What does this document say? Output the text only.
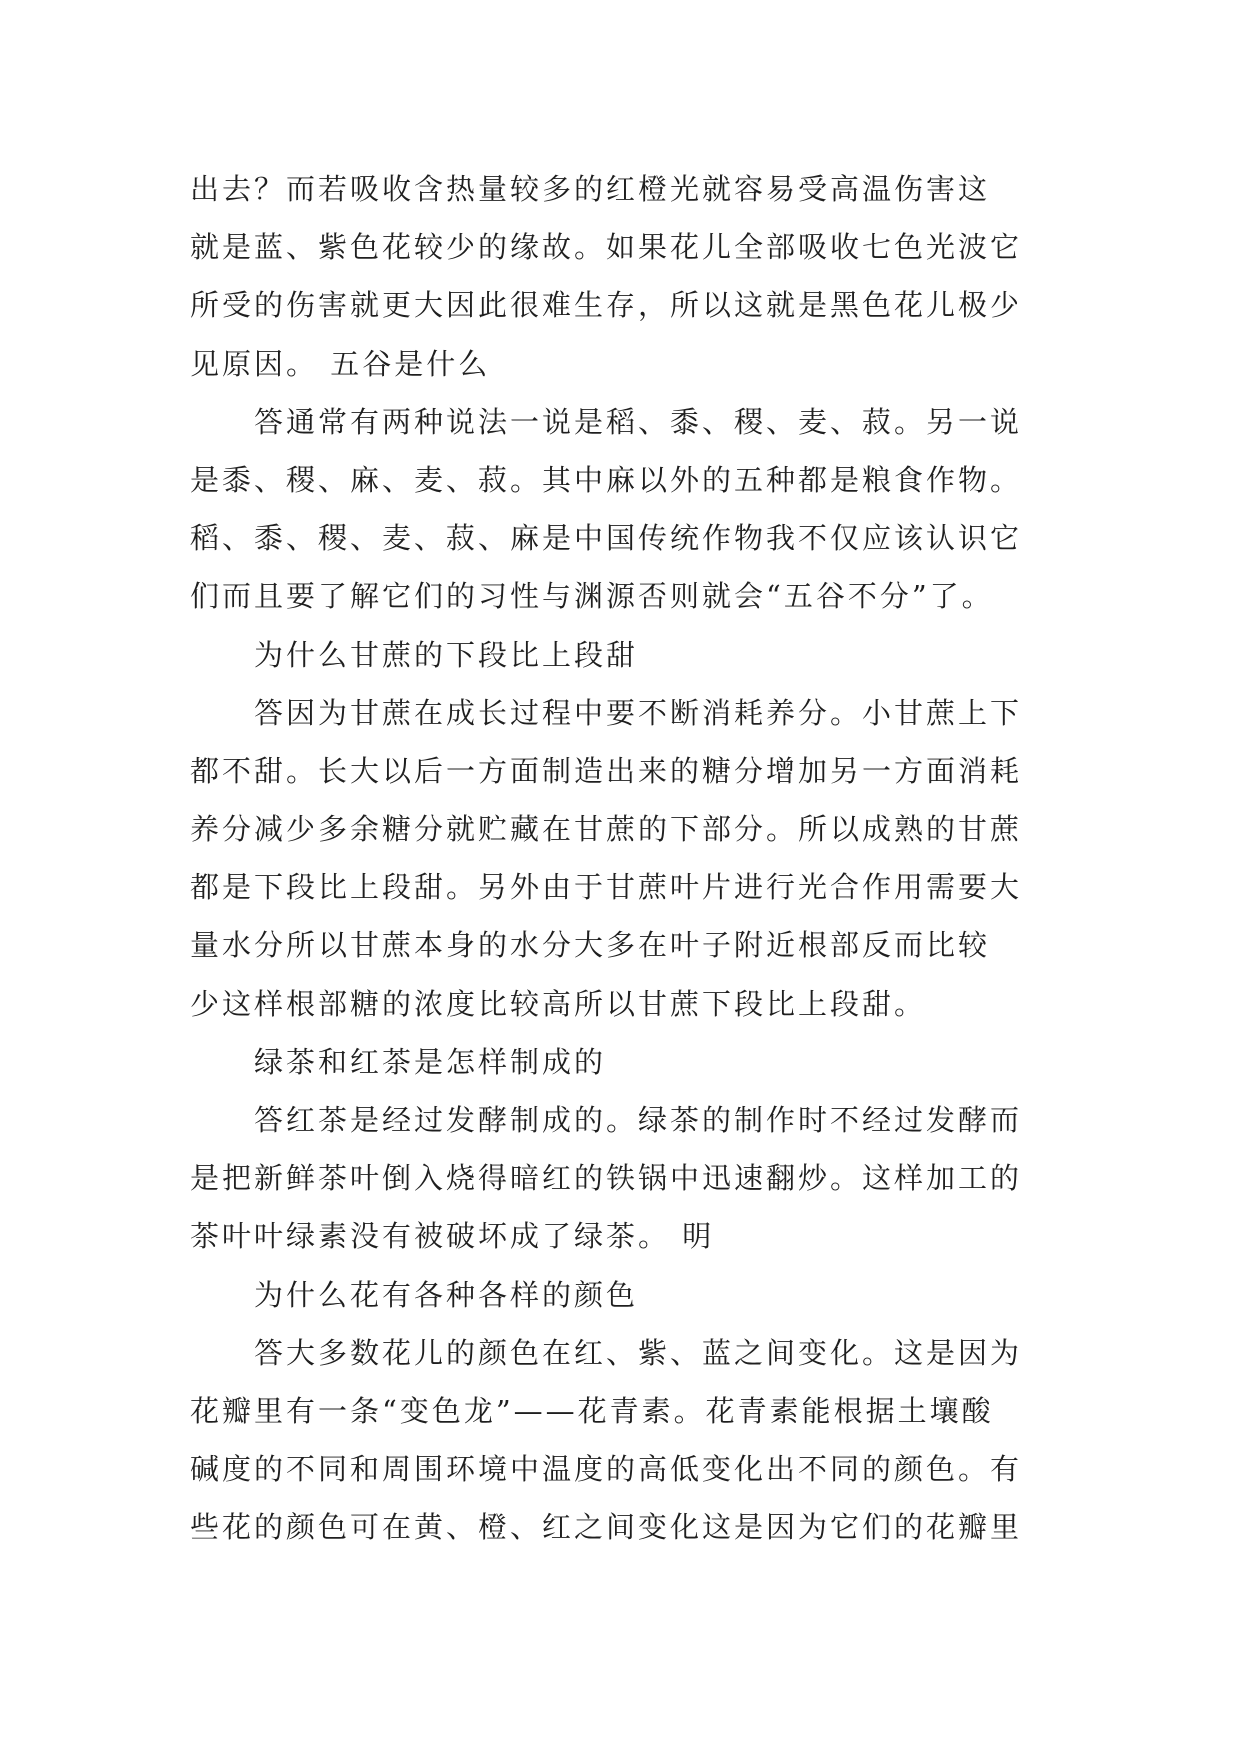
出去？而若吸收含热量较多的红橙光就容易受高温伤害这
就是蓝、紫色花较少的缘故。如果花儿全部吸收七色光波它
所受的伤害就更大因此很难生存，所以这就是黑色花儿极少
见原因。 五谷是什么
答通常有两种说法一说是稻、黍、稷、麦、菽。另一说
是黍、稷、麻、麦、菽。其中麻以外的五种都是粮食作物。
稻、黍、稷、麦、菽、麻是中国传统作物我不仅应该认识它
们而且要了解它们的习性与渊源否则就会“五谷不分”了。
为什么甘蔗的下段比上段甜
答因为甘蔗在成长过程中要不断消耗养分。小甘蔗上下
都不甜。长大以后一方面制造出来的糖分增加另一方面消耗
养分减少多余糖分就贮藏在甘蔗的下部分。所以成熟的甘蔗
都是下段比上段甜。另外由于甘蔗叶片进行光合作用需要大
量水分所以甘蔗本身的水分大多在叶子附近根部反而比较
少这样根部糖的浓度比较高所以甘蔗下段比上段甜。
绿茶和红茶是怎样制成的
答红茶是经过发酵制成的。绿茶的制作时不经过发酵而
是把新鲜茶叶倒入烧得暗红的铁锅中迅速翻炒。这样加工的
茶叶叶绿素没有被破坏成了绿茶。 明
为什么花有各种各样的颜色
答大多数花儿的颜色在红、紫、蓝之间变化。这是因为
花瓣里有一条“变色龙”——花青素。花青素能根据土壤酸
碱度的不同和周围环境中温度的高低变化出不同的颜色。有
些花的颜色可在黄、橙、红之间变化这是因为它们的花瓣里
